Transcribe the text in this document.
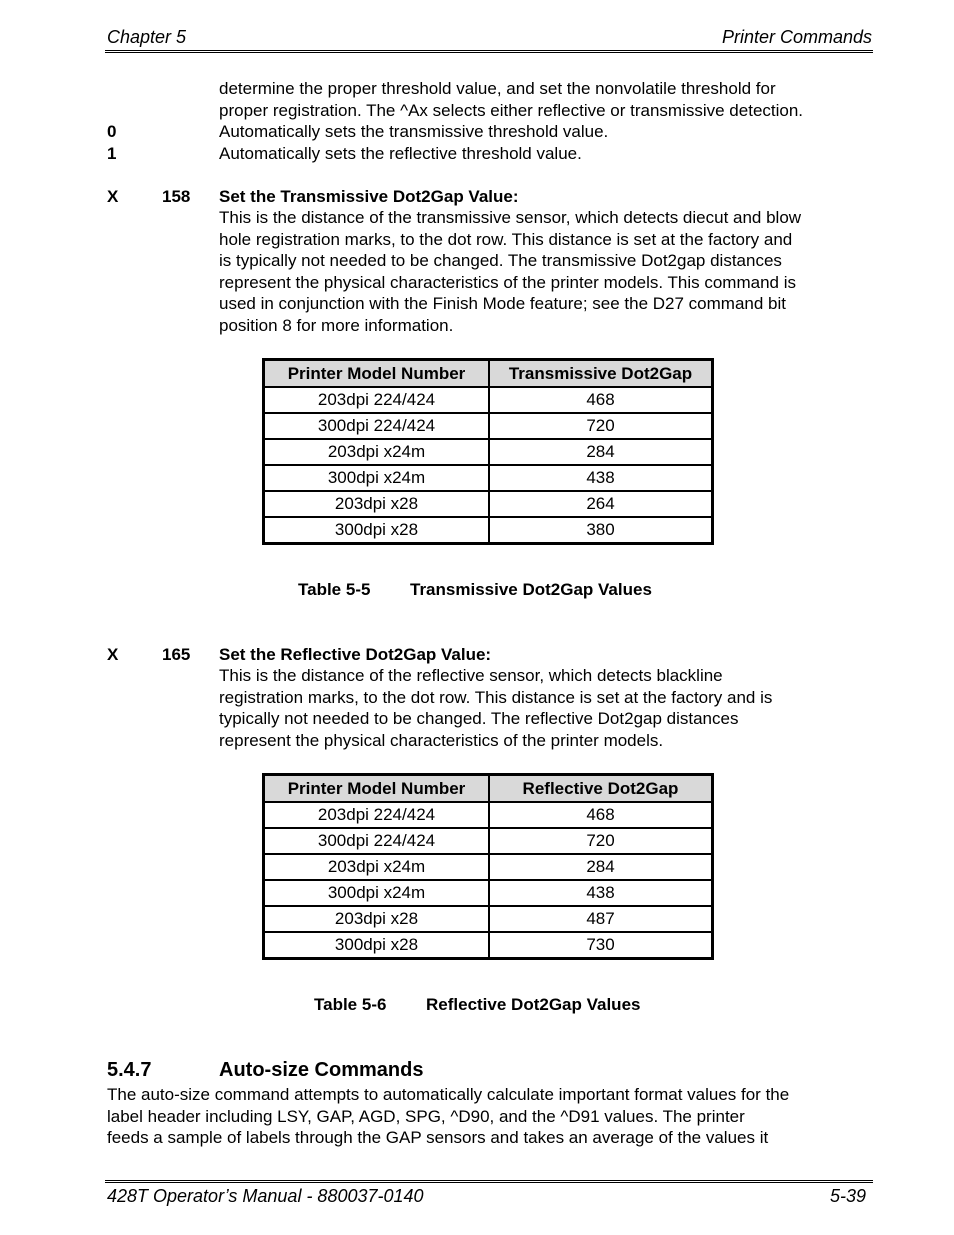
Chapter 5	Printer Commands
determine the proper threshold value, and set the nonvolatile threshold for
proper registration. The ^Ax selects either reflective or transmissive detection.
0	Automatically sets the transmissive threshold value.
1	Automatically sets the reflective threshold value.
X	158 Set the Transmissive Dot2Gap Value:
This is the distance of the transmissive sensor, which detects diecut and blow
hole registration marks, to the dot row. This distance is set at the factory and
is typically not needed to be changed. The transmissive Dot2gap distances
represent the physical characteristics of the printer models. This command is
used in conjunction with the Finish Mode feature; see the D27 command bit
position 8 for more information.
Printer Model Number	Transmissive Dot2Gap
203dpi 224/424	468
300dpi 224/424	720
203dpi x24m	284
300dpi x24m	438
203dpi x28	264
300dpi x28	380
Table 5-5 Transmissive Dot2Gap Values
X	165 Set the Reflective Dot2Gap Value:
This is the distance of the reflective sensor, which detects blackline
registration marks, to the dot row. This distance is set at the factory and is
typically not needed to be changed. The reflective Dot2gap distances
represent the physical characteristics of the printer models.
Printer Model Number	Reflective Dot2Gap
203dpi 224/424	468
300dpi 224/424	720
203dpi x24m	284
300dpi x24m	438
203dpi x28	487
300dpi x28	730
Table 5-6 Reflective Dot2Gap Values
5.4.7	Auto-size Commands
The auto-size command attempts to automatically calculate important format values for the
label header including LSY, GAP, AGD, SPG, ^D90, and the ^D91 values. The printer
feeds a sample of labels through the GAP sensors and takes an average of the values it
428T Operator’s Manual - 880037-0140	5-39
